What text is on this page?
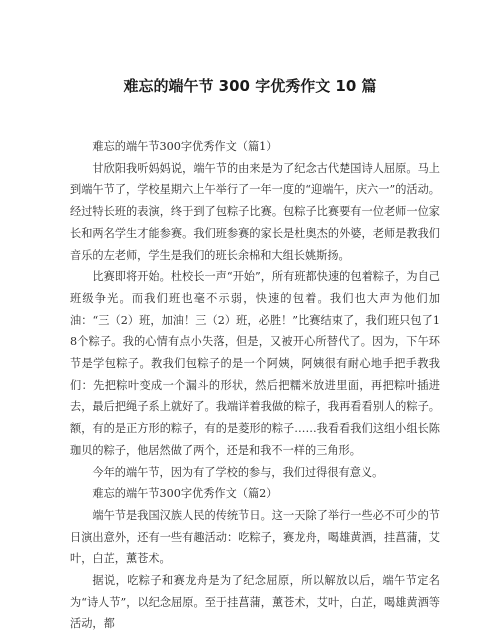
难忘的端午节 300 字优秀作文 10 篇

难忘的端午节300字优秀作文（篇1）

甘欣阳我听妈妈说，端午节的由来是为了纪念古代楚国诗人屈原。马上到端午节了，学校星期六上午举行了一年一度的“迎端午，庆六一”的活动。经过特长班的表演，终于到了包粽子比赛。包粽子比赛要有一位老师一位家长和两名学生才能参赛。我们班参赛的家长是杜奥杰的外婆，老师是教我们音乐的左老师，学生是我们的班长余棉和大组长姚斯扬。

比赛即将开始。杜校长一声“开始”，所有班都快速的包着粽子，为自己班级争光。而我们班也毫不示弱，快速的包着。我们也大声为他们加油：“三（2）班，加油！三（2）班，必胜！”比赛结束了，我们班只包了18个粽子。我的心情有点小失落，但是，又被开心所替代了。因为，下午环节是学包粽子。教我们包粽子的是一个阿姨，阿姨很有耐心地手把手教我们：先把粽叶变成一个漏斗的形状，然后把糯米放进里面，再把粽叶插进去，最后把绳子系上就好了。我端详着我做的粽子，我再看看别人的粽子。额，有的是正方形的粽子，有的是菱形的粽子……我看看我们这组小组长陈珈贝的粽子，他居然做了两个，还是和我不一样的三角形。

今年的端午节，因为有了学校的参与，我们过得很有意义。

难忘的端午节300字优秀作文（篇2）

端午节是我国汉族人民的传统节日。这一天除了举行一些必不可少的节日演出意外，还有一些有趣活动：吃粽子，赛龙舟，喝雄黄酒，挂菖蒲，艾叶，白芷，薰苍术。

据说，吃粽子和赛龙舟是为了纪念屈原，所以解放以后，端午节定名为“诗人节”，以纪念屈原。至于挂菖蒲，薰苍术，艾叶，白芷，喝雄黄酒等活动，都
